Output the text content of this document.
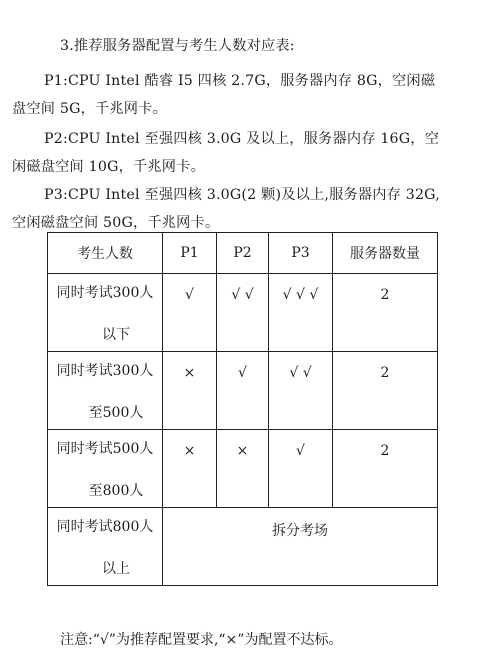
3.推荐服务器配置与考生人数对应表:
P1:CPU Intel 酷睿 I5 四核 2.7G，服务器内存 8G，空闲磁
盘空间 5G，千兆网卡。
P2:CPU Intel 至强四核 3.0G 及以上，服务器内存 16G，空
闲磁盘空间 10G，千兆网卡。
P3:CPU Intel 至强四核 3.0G(2 颗)及以上,服务器内存 32G,
空闲磁盘空间 50G，千兆网卡。
考生人数	P1	P2	P3	服务器数量

同时考试300人
以下	√	√ √	√ √ √	2

同时考试300人
至500人	×	√	√ √	2

同时考试500人
至800人	×	×	√	2

同时考试800人
以上	拆分考场			
注意:“√”为推荐配置要求,“×”为配置不达标。
